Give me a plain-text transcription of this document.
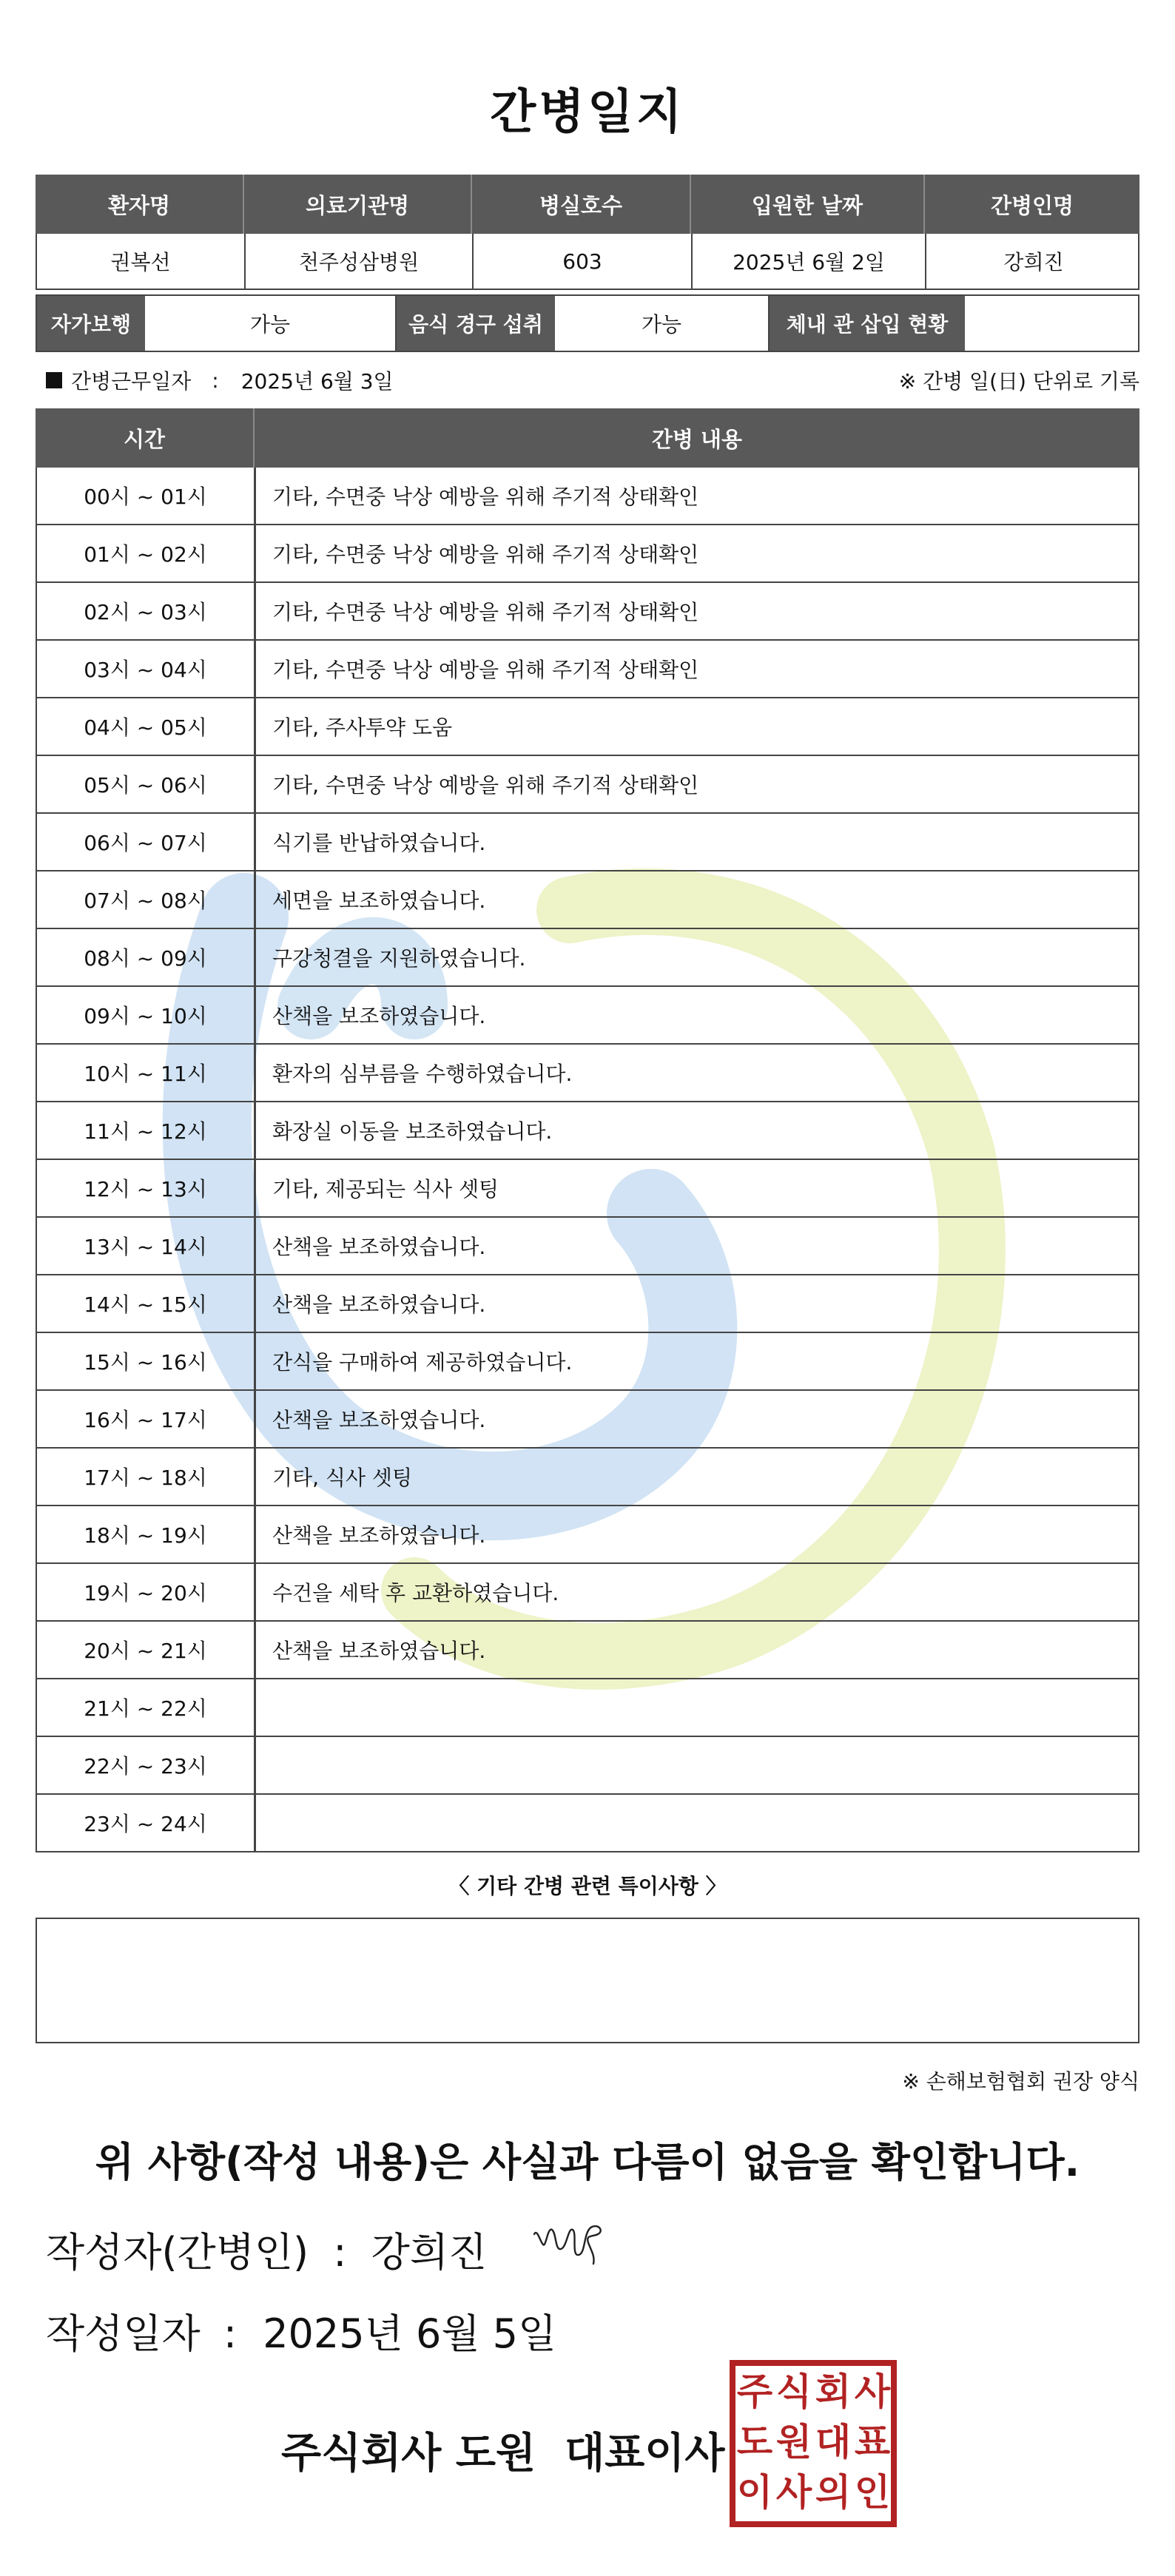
간병일지
환자명	의료기관명	병실호수	입원한 날짜	간병인명
권복선	천주성삼병원	603	2025년 6월 2일	강희진
자가보행	가능	음식 경구 섭취	가능	체내 관 삽입 현황
간병근무일자 : 2025년 6월 3일	※ 간병 일(日) 단위로 기록
시간	간병 내용
00시 ~ 01시	기타, 수면중 낙상 예방을 위해 주기적 상태확인
01시 ~ 02시	기타, 수면중 낙상 예방을 위해 주기적 상태확인
02시 ~ 03시	기타, 수면중 낙상 예방을 위해 주기적 상태확인
03시 ~ 04시	기타, 수면중 낙상 예방을 위해 주기적 상태확인
04시 ~ 05시	기타, 주사투약 도움
05시 ~ 06시	기타, 수면중 낙상 예방을 위해 주기적 상태확인
06시 ~ 07시	식기를 반납하였습니다.
07시 ~ 08시	세면을 보조하였습니다.
08시 ~ 09시	구강청결을 지원하였습니다.
09시 ~ 10시	산책을 보조하였습니다.
10시 ~ 11시	환자의 심부름을 수행하였습니다.
11시 ~ 12시	화장실 이동을 보조하였습니다.
12시 ~ 13시	기타, 제공되는 식사 셋팅
13시 ~ 14시	산책을 보조하였습니다.
14시 ~ 15시	산책을 보조하였습니다.
15시 ~ 16시	간식을 구매하여 제공하였습니다.
16시 ~ 17시	산책을 보조하였습니다.
17시 ~ 18시	기타, 식사 셋팅
18시 ~ 19시	산책을 보조하였습니다.
19시 ~ 20시	수건을 세탁 후 교환하였습니다.
20시 ~ 21시	산책을 보조하였습니다.
21시 ~ 22시
22시 ~ 23시
23시 ~ 24시
〈 기타 간병 관련 특이사항 〉
※ 손해보험협회 권장 양식
위 사항(작성 내용)은 사실과 다름이 없음을 확인합니다.
작성자(간병인) : 강희진
작성일자 : 2025년 6월 5일
주식회사 도원  대표이사
주 식 회 사
도 원 대 표
이 사 의 인
